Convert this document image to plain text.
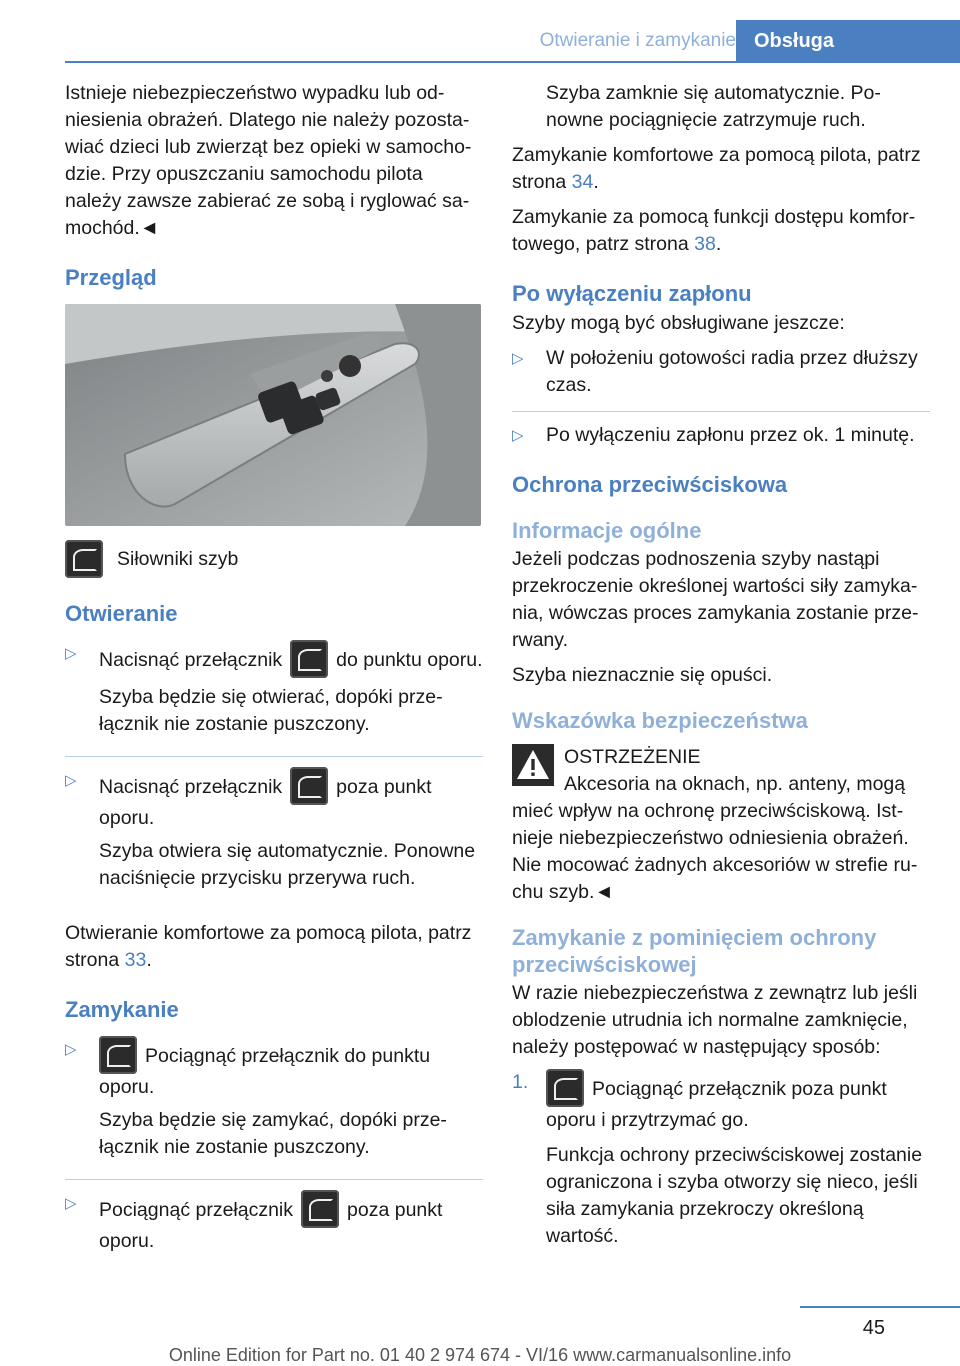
Otwieranie i zamykanie Obsługa

Istnieje niebezpieczeństwo wypadku lub odniesienia obrażeń. Dlatego nie należy pozostawiać dzieci lub zwierząt bez opieki w samochodzie. Przy opuszczaniu samochodu pilota należy zawsze zabierać ze sobą i ryglować samochód.◄

Przegląd
Siłowniki szyb
Otwieranie

▷ Nacisnąć przełącznik	do punktu oporu.

Szyba będzie się otwierać, dopóki przełącznik nie zostanie puszczony.

▷ Nacisnąć przełącznik	poza punkt oporu.

Szyba otwiera się automatycznie. Ponowne naciśnięcie przycisku przerywa ruch.

Otwieranie komfortowe za pomocą pilota, patrz strona 33.

Zamykanie

▷ Pociągnąć przełącznik do punktu oporu.

Szyba będzie się zamykać, dopóki przełącznik nie zostanie puszczony.

▷ Pociągnąć przełącznik	poza punkt oporu.

Szyba zamknie się automatycznie. Ponowne pociągnięcie zatrzymuje ruch.

Zamykanie komfortowe za pomocą pilota, patrz strona 34.

Zamykanie za pomocą funkcji dostępu komfortowego, patrz strona 38.

Po wyłączeniu zapłonu

Szyby mogą być obsługiwane jeszcze:

▷ W położeniu gotowości radia przez dłuższy czas.
▷ Po wyłączeniu zapłonu przez ok. 1 minutę.
Ochrona przeciwściskowa
Informacje ogólne

Jeżeli podczas podnoszenia szyby nastąpi przekroczenie określonej wartości siły zamykania, wówczas proces zamykania zostanie przerwany.

Szyba nieznacznie się opuści.

Wskazówka bezpieczeństwa
OSTRZEŻENIE
Akcesoria na oknach, np. anteny, mogą

mieć wpływ na ochronę przeciwściskową. Istnieje niebezpieczeństwo odniesienia obrażeń. Nie mocować żadnych akcesoriów w strefie ruchu szyb.◄

Zamykanie z pominięciem ochrony przeciwściskowej

W razie niebezpieczeństwa z zewnątrz lub jeśli oblodzenie utrudnia ich normalne zamknięcie, należy postępować w następujący sposób:

1.	Pociągnąć przełącznik poza punkt oporu i przytrzymać go.

Funkcja ochrony przeciwściskowej zostanie ograniczona i szyba otworzy się nieco, jeśli siła zamykania przekroczy określoną wartość.

45
Online Edition for Part no. 01 40 2 974 674 - VI/16 www.carmanualsonline.info
